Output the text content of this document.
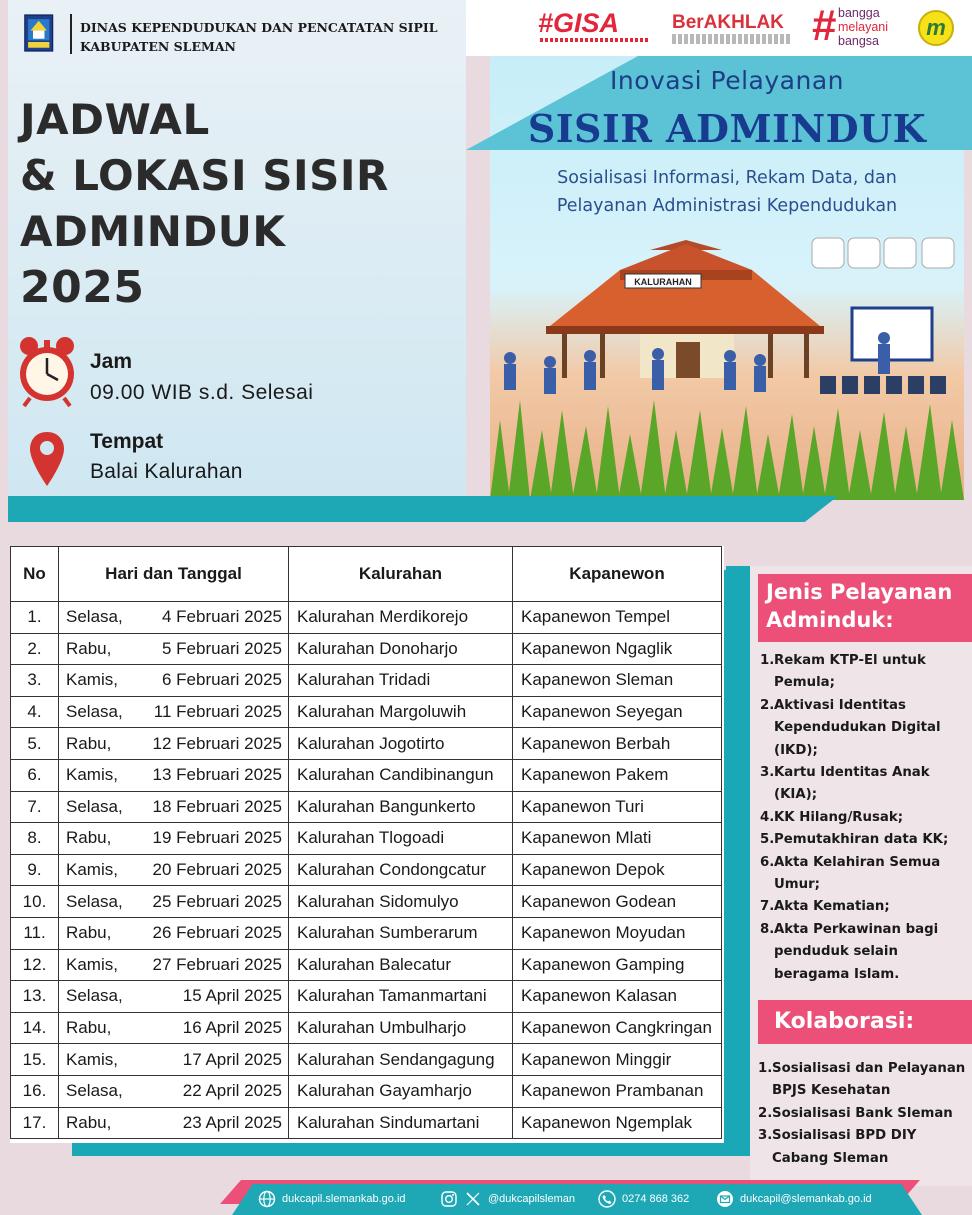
DINAS KEPENDUDUKAN DAN PENCATATAN SIPIL
KABUPATEN SLEMAN
JADWAL
& LOKASI SISIR
ADMINDUK
2025
Jam
09.00 WIB s.d. Selesai
Tempat
Balai Kalurahan
#GISA	BerAKHLAK # bangga
melayani
bangsa
m
Inovasi Pelayanan
SISIR ADMINDUK
Sosialisasi Informasi, Rekam Data, dan
Pelayanan Administrasi Kependudukan
KALURAHAN
No	Hari dan Tanggal		Kalurahan	Kapanewon
1.	Selasa,	4 Februari 2025	Kalurahan Merdikorejo	Kapanewon Tempel
2.	Rabu,	5 Februari 2025	Kalurahan Donoharjo	Kapanewon Ngaglik
3.	Kamis,	6 Februari 2025	Kalurahan Tridadi	Kapanewon Sleman
4.	Selasa,	11 Februari 2025	Kalurahan Margoluwih	Kapanewon Seyegan
5.	Rabu,	12 Februari 2025	Kalurahan Jogotirto	Kapanewon Berbah
6.	Kamis,	13 Februari 2025	Kalurahan Candibinangun	Kapanewon Pakem
7.	Selasa,	18 Februari 2025	Kalurahan Bangunkerto	Kapanewon Turi
8.	Rabu,	19 Februari 2025	Kalurahan Tlogoadi	Kapanewon Mlati
9.	Kamis,	20 Februari 2025	Kalurahan Condongcatur	Kapanewon Depok
10.	Selasa,	25 Februari 2025	Kalurahan Sidomulyo	Kapanewon Godean
11.	Rabu,	26 Februari 2025	Kalurahan Sumberarum	Kapanewon Moyudan
12.	Kamis,	27 Februari 2025	Kalurahan Balecatur	Kapanewon Gamping
13.	Selasa,	15 April 2025	Kalurahan Tamanmartani	Kapanewon Kalasan
14.	Rabu,	16 April 2025	Kalurahan Umbulharjo	Kapanewon Cangkringan
15.	Kamis,	17 April 2025	Kalurahan Sendangagung	Kapanewon Minggir
16.	Selasa,	22 April 2025	Kalurahan Gayamharjo	Kapanewon Prambanan
17.	Rabu,	23 April 2025	Kalurahan Sindumartani	Kapanewon Ngemplak
Jenis Pelayanan
Adminduk:
1. Rekam KTP-El untuk Pemula;
2. Aktivasi Identitas Kependudukan Digital (IKD);
3. Kartu Identitas Anak (KIA);
4. KK Hilang/Rusak;
5. Pemutakhiran data KK;
6. Akta Kelahiran Semua Umur;
7. Akta Kematian;
8. Akta Perkawinan bagi penduduk selain beragama Islam.
Kolaborasi:
1. Sosialisasi dan Pelayanan BPJS Kesehatan
2. Sosialisasi Bank Sleman
3. Sosialisasi BPD DIY Cabang Sleman
dukcapil.slemankab.go.id	@dukcapilsleman	0274 868 362	dukcapil@slemankab.go.id
